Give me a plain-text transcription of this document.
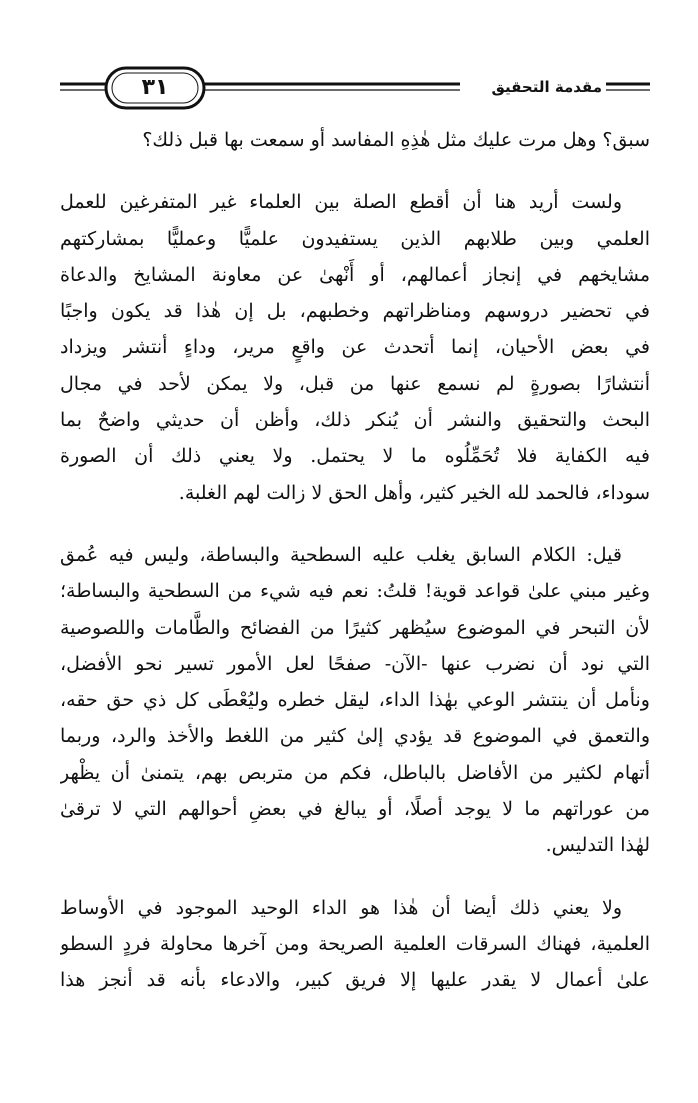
٣١	مقدمة التحقيق
سبق؟ وهل مرت عليك مثل هٰذِهِ المفاسد أو سمعت بها قبل ذلك؟
ولست أريد هنا أن أقطع الصلة بين العلماء غير المتفرغين للعمل
العلمي وبين طلابهم الذين يستفيدون علميًّا وعمليًّا بمشاركتهم
مشايخهم في إنجاز أعمالهم، أو أَنْهىٰ عن معاونة المشايخ والدعاة
في تحضير دروسهم ومناظراتهم وخطبهم، بل إن هٰذا قد يكون واجبًا
في بعض الأحيان، إنما أتحدث عن واقعٍ مرير، وداءٍ أنتشر ويزداد
أنتشارًا بصورةٍ لم نسمع عنها من قبل، ولا يمكن لأحد في مجال
البحث والتحقيق والنشر أن يُنكر ذلك، وأظن أن حديثي واضحٌ بما
فيه الكفاية فلا تُحَمِّلُوه ما لا يحتمل. ولا يعني ذلك أن الصورة
سوداء، فالحمد لله الخير كثير، وأهل الحق لا زالت لهم الغلبة.
قيل: الكلام السابق يغلب عليه السطحية والبساطة، وليس فيه عُمق
وغير مبني علىٰ قواعد قوية! قلتُ: نعم فيه شيء من السطحية والبساطة؛
لأن التبحر في الموضوع سيُظهر كثيرًا من الفضائح والطَّامات واللصوصية
التي نود أن نضرب عنها -الآن- صفحًا لعل الأمور تسير نحو الأفضل،
ونأمل أن ينتشر الوعي بهٰذا الداء، ليقل خطره وليُعْطَى كل ذي حق حقه،
والتعمق في الموضوع قد يؤدي إلىٰ كثير من اللغط والأخذ والرد، وربما
أتهام لكثير من الأفاضل بالباطل، فكم من متربص بهم، يتمنىٰ أن يظْهر
من عوراتهم ما لا يوجد أصلًا، أو يبالغ في بعضِ أحوالهم التي لا ترقىٰ
لهٰذا التدليس.
ولا يعني ذلك أيضا أن هٰذا هو الداء الوحيد الموجود في الأوساط
العلمية، فهناك السرقات العلمية الصريحة ومن آخرها محاولة فردٍ السطو
علىٰ أعمال لا يقدر عليها إلا فريق كبير، والادعاء بأنه قد أنجز هذا
